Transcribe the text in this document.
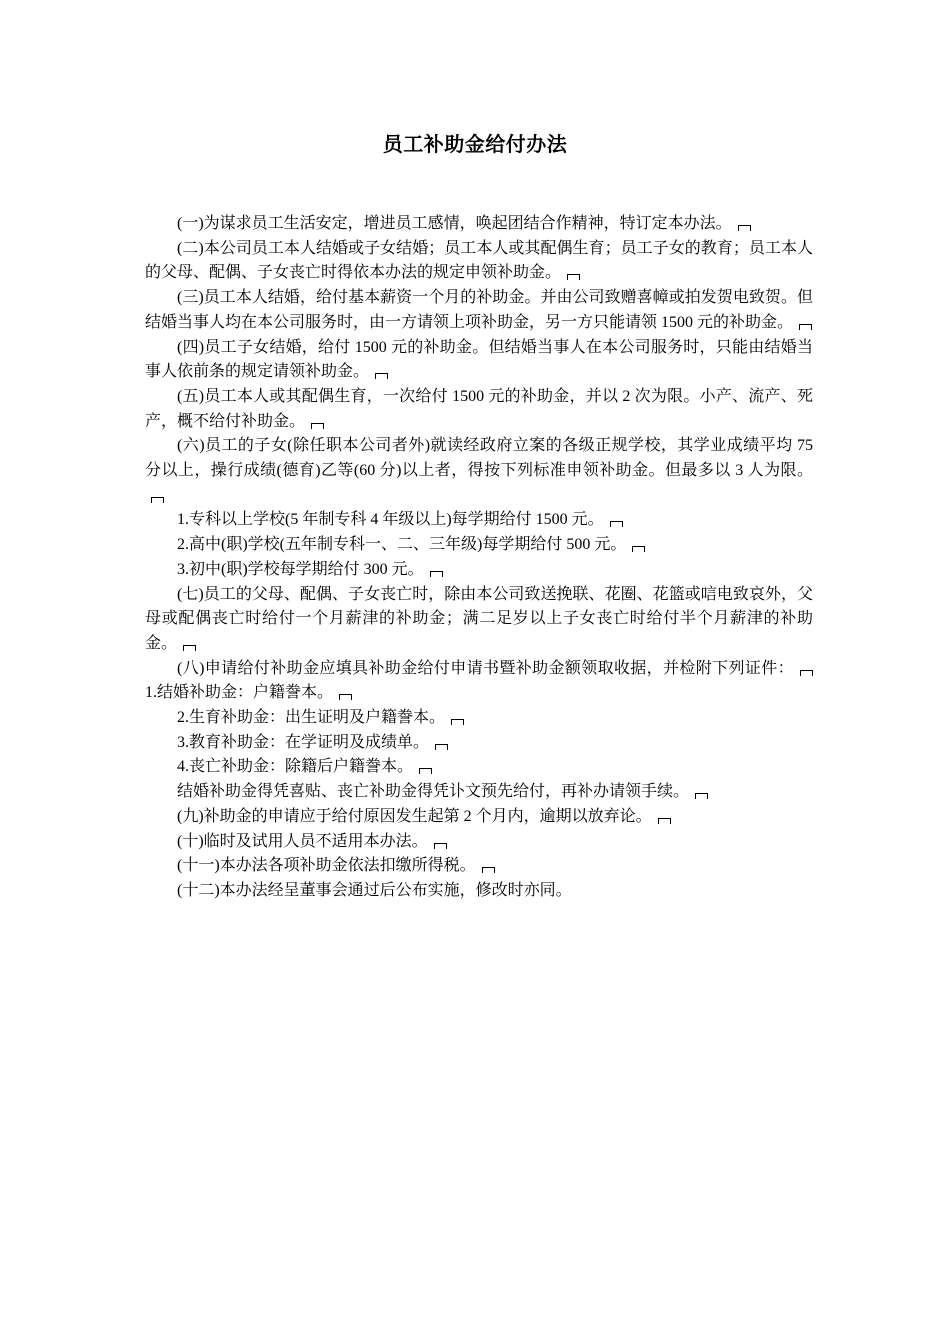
员工补助金给付办法

(一)为谋求员工生活安定，增进员工感情，唤起团结合作精神，特订定本办法。

(二)本公司员工本人结婚或子女结婚；员工本人或其配偶生育；员工子女的教育；员工本人的父母、配偶、子女丧亡时得依本办法的规定申领补助金。

(三)员工本人结婚，给付基本薪资一个月的补助金。并由公司致赠喜幛或拍发贺电致贺。但结婚当事人均在本公司服务时，由一方请领上项补助金，另一方只能请领 1500 元的补助金。

(四)员工子女结婚，给付 1500 元的补助金。但结婚当事人在本公司服务时，只能由结婚当事人依前条的规定请领补助金。

(五)员工本人或其配偶生育，一次给付 1500 元的补助金，并以 2 次为限。小产、流产、死产，概不给付补助金。

(六)员工的子女(除任职本公司者外)就读经政府立案的各级正规学校，其学业成绩平均 75 分以上，操行成绩(德育)乙等(60 分)以上者，得按下列标准申领补助金。但最多以 3 人为限。

1.专科以上学校(5 年制专科 4 年级以上)每学期给付 1500 元。

2.高中(职)学校(五年制专科一、二、三年级)每学期给付 500 元。

3.初中(职)学校每学期给付 300 元。

(七)员工的父母、配偶、子女丧亡时，除由本公司致送挽联、花圈、花篮或唁电致哀外，父母或配偶丧亡时给付一个月薪津的补助金；满二足岁以上子女丧亡时给付半个月薪津的补助金。

(八)申请给付补助金应填具补助金给付申请书暨补助金额领取收据，并检附下列证件： 1.结婚补助金：户籍誊本。

2.生育补助金：出生证明及户籍誊本。

3.教育补助金：在学证明及成绩单。

4.丧亡补助金：除籍后户籍誊本。

结婚补助金得凭喜贴、丧亡补助金得凭讣文预先给付，再补办请领手续。

(九)补助金的申请应于给付原因发生起第 2 个月内，逾期以放弃论。

(十)临时及试用人员不适用本办法。

(十一)本办法各项补助金依法扣缴所得税。

(十二)本办法经呈董事会通过后公布实施，修改时亦同。
